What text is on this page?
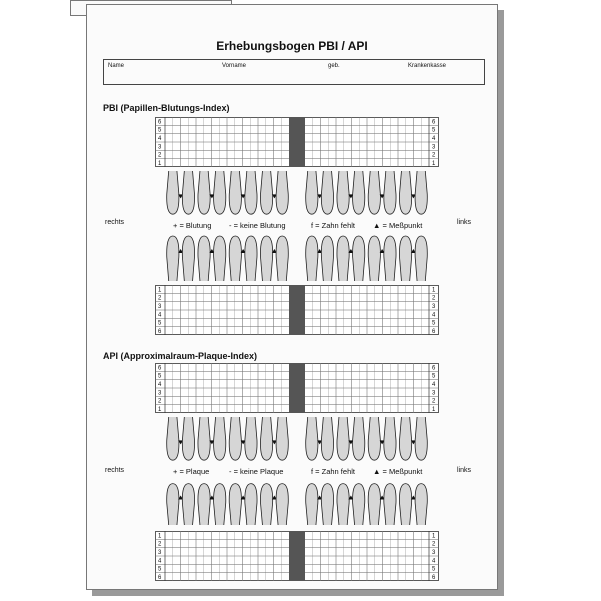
Erhebungsbogen PBI / API
Name	Vorname	geb.	Krankenkasse
PBI (Papillen-Blutungs-Index)
6	6
5	5
4	4
3	3
2	2
1	1
rechts	links
+ = Blutung - = keine Blutung	f = Zahn fehlt ▲ = Meßpunkt
1	1
2	2
3	3
4	4
5	5
6	6
API (Approximalraum-Plaque-Index)
6	6
5	5
4	4
3	3
2	2
1	1
rechts	links
+ = Plaque	- = keine Plaque	f = Zahn fehlt ▲ = Meßpunkt
1	1
2	2
3	3
4	4
5	5
6	6
